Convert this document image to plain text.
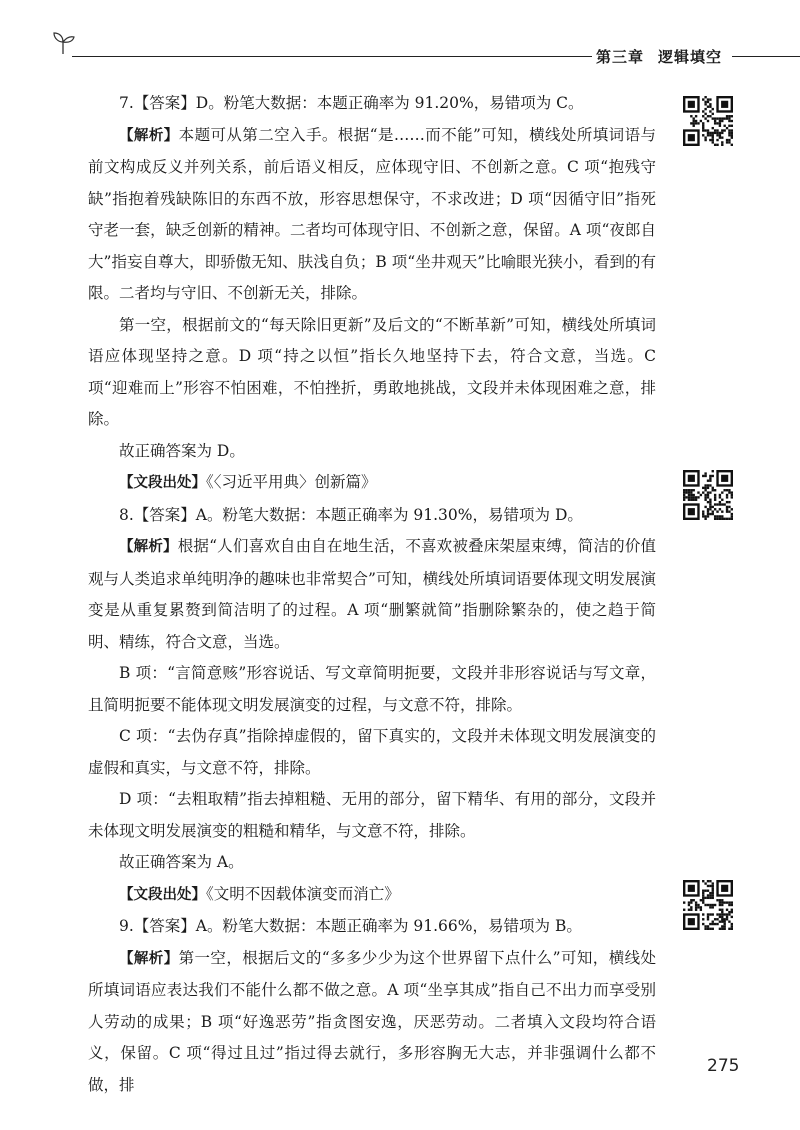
第三章 逻辑填空

7.【答案】D。粉笔大数据：本题正确率为 91.20%，易错项为 C。

【解析】本题可从第二空入手。根据“是……而不能”可知，横线处所填词语与前文构成反义并列关系，前后语义相反，应体现守旧、不创新之意。C 项“抱残守缺”指抱着残缺陈旧的东西不放，形容思想保守，不求改进；D 项“因循守旧”指死守老一套，缺乏创新的精神。二者均可体现守旧、不创新之意，保留。A 项“夜郎自大”指妄自尊大，即骄傲无知、肤浅自负；B 项“坐井观天”比喻眼光狭小，看到的有限。二者均与守旧、不创新无关，排除。

第一空，根据前文的“每天除旧更新”及后文的“不断革新”可知，横线处所填词语应体现坚持之意。D 项“持之以恒”指长久地坚持下去，符合文意，当选。C 项“迎难而上”形容不怕困难，不怕挫折，勇敢地挑战，文段并未体现困难之意，排除。

故正确答案为 D。

【文段出处】《〈习近平用典〉创新篇》

8.【答案】A。粉笔大数据：本题正确率为 91.30%，易错项为 D。

【解析】根据“人们喜欢自由自在地生活，不喜欢被叠床架屋束缚，简洁的价值观与人类追求单纯明净的趣味也非常契合”可知，横线处所填词语要体现文明发展演变是从重复累赘到简洁明了的过程。A 项“删繁就简”指删除繁杂的，使之趋于简明、精练，符合文意，当选。

B 项：“言简意赅”形容说话、写文章简明扼要，文段并非形容说话与写文章，且简明扼要不能体现文明发展演变的过程，与文意不符，排除。

C 项：“去伪存真”指除掉虚假的，留下真实的，文段并未体现文明发展演变的虚假和真实，与文意不符，排除。

D 项：“去粗取精”指去掉粗糙、无用的部分，留下精华、有用的部分，文段并未体现文明发展演变的粗糙和精华，与文意不符，排除。

故正确答案为 A。

【文段出处】《文明不因载体演变而消亡》

9.【答案】A。粉笔大数据：本题正确率为 91.66%，易错项为 B。

【解析】第一空，根据后文的“多多少少为这个世界留下点什么”可知，横线处所填词语应表达我们不能什么都不做之意。A 项“坐享其成”指自己不出力而享受别人劳动的成果；B 项“好逸恶劳”指贪图安逸，厌恶劳动。二者填入文段均符合语义，保留。C 项“得过且过”指过得去就行，多形容胸无大志，并非强调什么都不做，排

275
